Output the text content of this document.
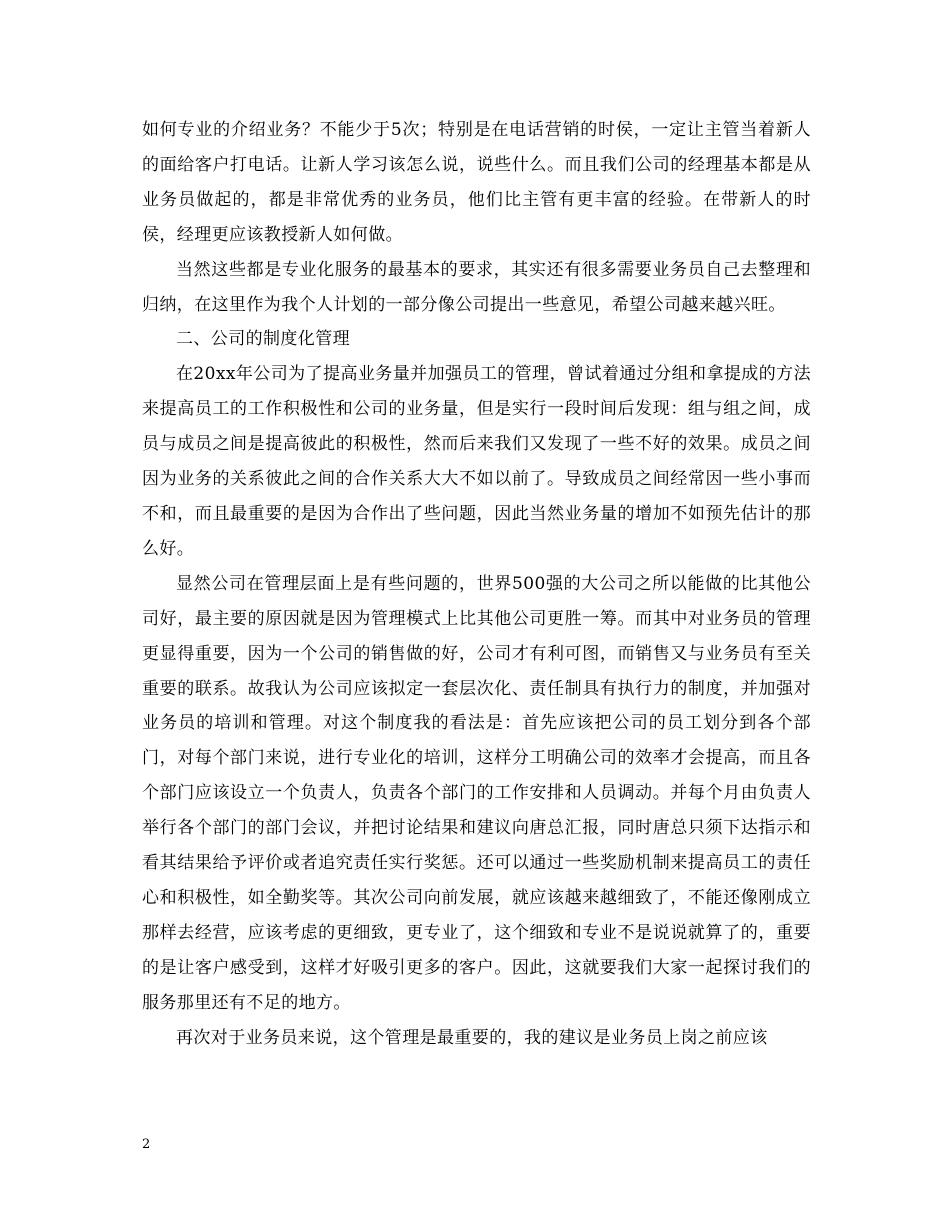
如何专业的介绍业务？不能少于5次；特别是在电话营销的时侯，一定让主管当着新人的面给客户打电话。让新人学习该怎么说，说些什么。而且我们公司的经理基本都是从业务员做起的，都是非常优秀的业务员，他们比主管有更丰富的经验。在带新人的时侯，经理更应该教授新人如何做。

当然这些都是专业化服务的最基本的要求，其实还有很多需要业务员自己去整理和归纳，在这里作为我个人计划的一部分像公司提出一些意见，希望公司越来越兴旺。

二、公司的制度化管理

在20xx年公司为了提高业务量并加强员工的管理，曾试着通过分组和拿提成的方法来提高员工的工作积极性和公司的业务量，但是实行一段时间后发现：组与组之间，成员与成员之间是提高彼此的积极性，然而后来我们又发现了一些不好的效果。成员之间因为业务的关系彼此之间的合作关系大大不如以前了。导致成员之间经常因一些小事而不和，而且最重要的是因为合作出了些问题，因此当然业务量的增加不如预先估计的那么好。

显然公司在管理层面上是有些问题的，世界500强的大公司之所以能做的比其他公司好，最主要的原因就是因为管理模式上比其他公司更胜一筹。而其中对业务员的管理更显得重要，因为一个公司的销售做的好，公司才有利可图，而销售又与业务员有至关重要的联系。故我认为公司应该拟定一套层次化、责任制具有执行力的制度，并加强对业务员的培训和管理。对这个制度我的看法是：首先应该把公司的员工划分到各个部门，对每个部门来说，进行专业化的培训，这样分工明确公司的效率才会提高，而且各个部门应该设立一个负责人，负责各个部门的工作安排和人员调动。并每个月由负责人举行各个部门的部门会议，并把讨论结果和建议向唐总汇报，同时唐总只须下达指示和看其结果给予评价或者追究责任实行奖惩。还可以通过一些奖励机制来提高员工的责任心和积极性，如全勤奖等。其次公司向前发展，就应该越来越细致了，不能还像刚成立那样去经营，应该考虑的更细致，更专业了，这个细致和专业不是说说就算了的，重要的是让客户感受到，这样才好吸引更多的客户。因此，这就要我们大家一起探讨我们的服务那里还有不足的地方。

再次对于业务员来说，这个管理是最重要的，我的建议是业务员上岗之前应该

2
